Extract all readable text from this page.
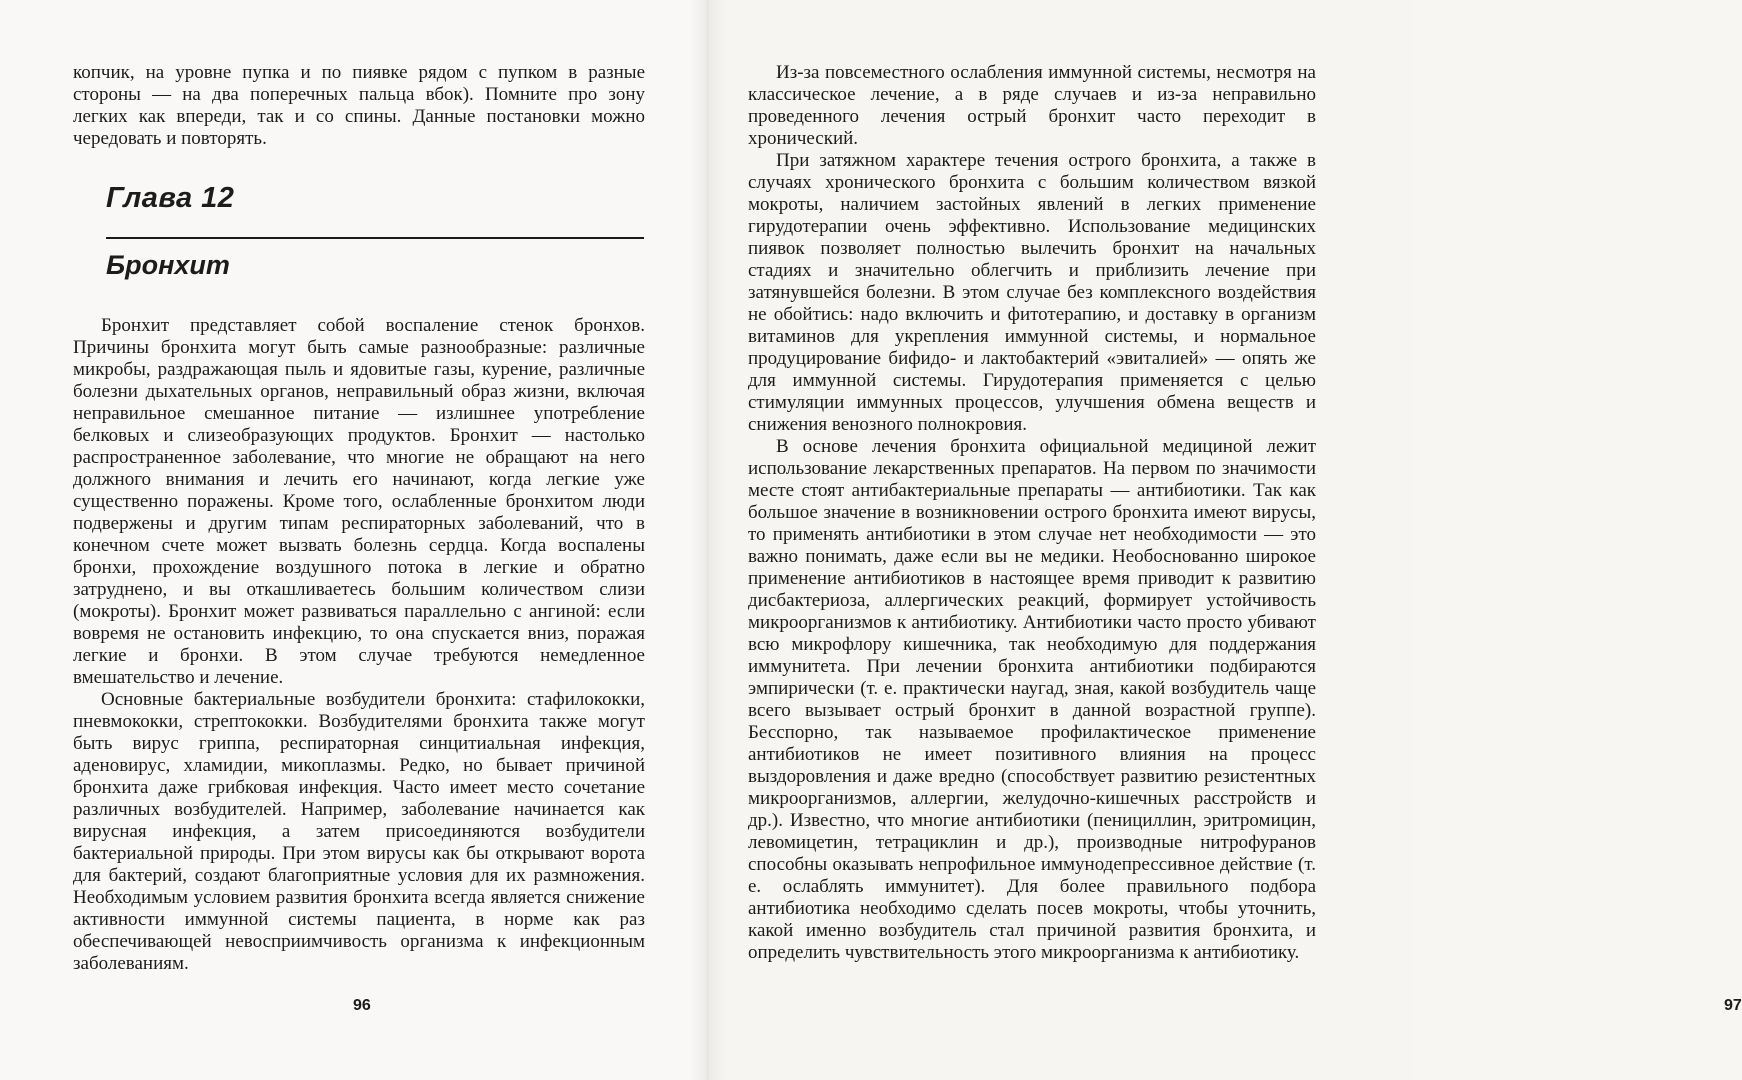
копчик, на уровне пупка и по пиявке рядом с пупком в разные стороны — на два поперечных пальца вбок). Помните про зону легких как впереди, так и со спины. Данные постановки можно чередовать и повторять.

Глава 12
Бронхит

Бронхит представляет собой воспаление стенок бронхов. Причины бронхита могут быть самые разнообразные: различные микробы, раздражающая пыль и ядовитые газы, курение, различные болезни дыхательных органов, неправильный образ жизни, включая неправильное смешанное питание — излишнее употребление белковых и слизеобразующих продуктов. Бронхит — настолько распространенное заболевание, что многие не обращают на него должного внимания и лечить его начинают, когда легкие уже существенно поражены. Кроме того, ослабленные бронхитом люди подвержены и другим типам респираторных заболеваний, что в конечном счете может вызвать болезнь сердца. Когда воспалены бронхи, прохождение воздушного потока в легкие и обратно затруднено, и вы откашливаетесь большим количеством слизи (мокроты). Бронхит может развиваться параллельно с ангиной: если вовремя не остановить инфекцию, то она спускается вниз, поражая легкие и бронхи. В этом случае требуются немедленное вмешательство и лечение.

Основные бактериальные возбудители бронхита: стафилококки, пневмококки, стрептококки. Возбудителями бронхита также могут быть вирус гриппа, респираторная синцитиальная инфекция, аденовирус, хламидии, микоплазмы. Редко, но бывает причиной бронхита даже грибковая инфекция. Часто имеет место сочетание различных возбудителей. Например, заболевание начинается как вирусная инфекция, а затем присоединяются возбудители бактериальной природы. При этом вирусы как бы открывают ворота для бактерий, создают благоприятные условия для их размножения. Необходимым условием развития бронхита всегда является снижение активности иммунной системы пациента, в норме как раз обеспечивающей невосприимчивость организма к инфекционным заболеваниям.

96	97

Из-за повсеместного ослабления иммунной системы, несмотря на классическое лечение, а в ряде случаев и из-за неправильно проведенного лечения острый бронхит часто переходит в хронический.

При затяжном характере течения острого бронхита, а также в случаях хронического бронхита с большим количеством вязкой мокроты, наличием застойных явлений в легких применение гирудотерапии очень эффективно. Использование медицинских пиявок позволяет полностью вылечить бронхит на начальных стадиях и значительно облегчить и приблизить лечение при затянувшейся болезни. В этом случае без комплексного воздействия не обойтись: надо включить и фитотерапию, и доставку в организм витаминов для укрепления иммунной системы, и нормальное продуцирование бифидо- и лактобактерий «эвиталией» — опять же для иммунной системы. Гирудотерапия применяется с целью стимуляции иммунных процессов, улучшения обмена веществ и снижения венозного полнокровия.

В основе лечения бронхита официальной медициной лежит использование лекарственных препаратов. На первом по значимости месте стоят антибактериальные препараты — антибиотики. Так как большое значение в возникновении острого бронхита имеют вирусы, то применять антибиотики в этом случае нет необходимости — это важно понимать, даже если вы не медики. Необоснованно широкое применение антибиотиков в настоящее время приводит к развитию дисбактериоза, аллергических реакций, формирует устойчивость микроорганизмов к антибиотику. Антибиотики часто просто убивают всю микрофлору кишечника, так необходимую для поддержания иммунитета. При лечении бронхита антибиотики подбираются эмпирически (т. е. практически наугад, зная, какой возбудитель чаще всего вызывает острый бронхит в данной возрастной группе). Бесспорно, так называемое профилактическое применение антибиотиков не имеет позитивного влияния на процесс выздоровления и даже вредно (способствует развитию резистентных микроорганизмов, аллергии, желудочно-кишечных расстройств и др.). Известно, что многие антибиотики (пенициллин, эритромицин, левомицетин, тетрациклин и др.), производные нитрофуранов способны оказывать непрофильное иммунодепрессивное действие (т. е. ослаблять иммунитет). Для более правильного подбора антибиотика необходимо сделать посев мокроты, чтобы уточнить, какой именно возбудитель стал причиной развития бронхита, и определить чувствительность этого микроорганизма к антибиотику.
